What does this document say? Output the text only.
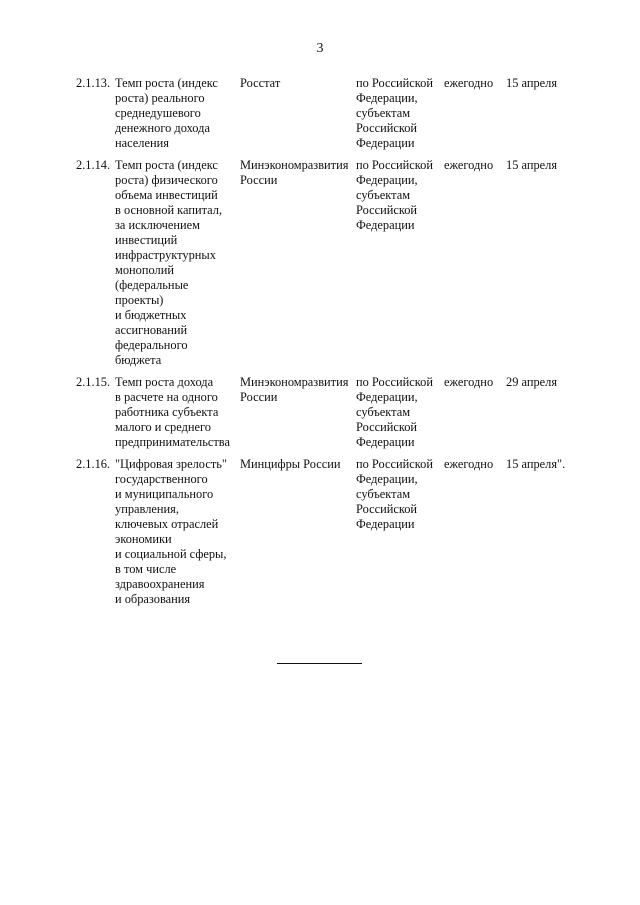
3
2.1.13. Темп роста (индекс
роста) реального
среднедушевого
денежного дохода
населения
Росстат	по Российской
Федерации,
субъектам
Российской
Федерации
ежегодно 15 апреля
2.1.14. Темп роста (индекс
роста) физического
объема инвестиций
в основной капитал,
за исключением
инвестиций
инфраструктурных
монополий
(федеральные
проекты)
и бюджетных
ассигнований
федерального
бюджета
Минэкономразвития
России
по Российской
Федерации,
субъектам
Российской
Федерации
ежегодно 15 апреля
2.1.15. Темп роста дохода
в расчете на одного
работника субъекта
малого и среднего
предпринимательства
Минэкономразвития
России
по Российской
Федерации,
субъектам
Российской
Федерации
ежегодно 29 апреля
2.1.16. "Цифровая зрелость"
государственного
и муниципального
управления,
ключевых отраслей
экономики
и социальной сферы,
в том числе
здравоохранения
и образования
Минцифры России по Российской
Федерации,
субъектам
Российской
Федерации
ежегодно 15 апреля".
